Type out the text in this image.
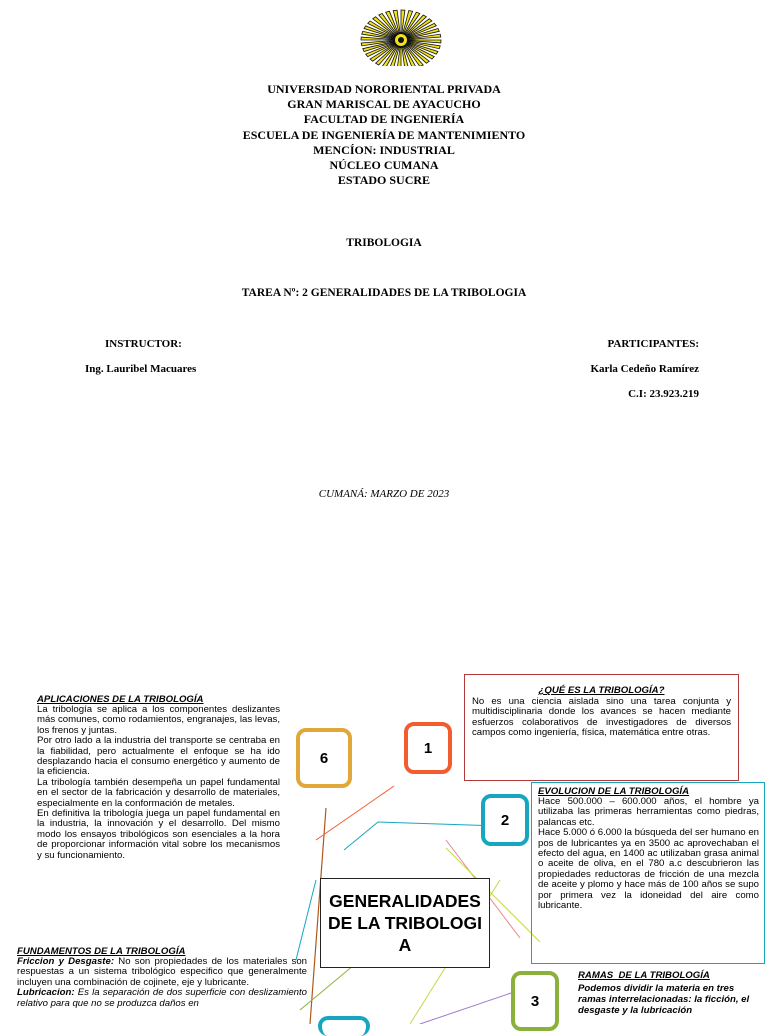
UNIVERSIDAD NORORIENTAL PRIVADA
GRAN MARISCAL DE AYACUCHO
FACULTAD DE INGENIERÍA
ESCUELA DE INGENIERÍA DE MANTENIMIENTO
MENCÍON: INDUSTRIAL
NÚCLEO CUMANA
ESTADO SUCRE
TRIBOLOGIA
TAREA Nº: 2 GENERALIDADES DE LA TRIBOLOGIA
INSTRUCTOR:
Ing. Lauribel Macuares
PARTICIPANTES:
Karla Cedeño Ramírez
C.I: 23.923.219
CUMANÁ: MARZO DE 2023
GENERALIDADES DE LA TRIBOLOGIA
1
2
3
6
¿QUÉ ES LA TRIBOLOGÍA?
No es una ciencia aislada sino una tarea conjunta y multidisciplinaria donde los avances se hacen mediante esfuerzos colaborativos de investigadores de diversos campos como ingeniería, física, matemática entre otras.
EVOLUCION DE LA TRIBOLOGÍA

Hace 500.000 – 600.000 años, el hombre ya utilizaba las primeras herramientas como piedras, palancas etc.

Hace 5.000 ó 6.000 la búsqueda del ser humano en pos de lubricantes ya en 3500 ac aprovechaban el efecto del agua, en 1400 ac utilizaban grasa animal o aceite de oliva, en el 780 a.c descubrieron las propiedades reductoras de fricción de una mezcla de aceite y plomo y hace más de 100 años se supo por primera vez la idoneidad del aire como lubricante.

RAMAS  DE LA TRIBOLOGÍA
Podemos dividir la materia en tres ramas interrelacionadas: la ficción, el desgaste y la lubricación
APLICACIONES DE LA TRIBOLOGÍA

La tribología se aplica a los componentes deslizantes más comunes, como rodamientos, engranajes, las levas, los frenos y juntas.

Por otro lado a la industria del transporte se centraba en la fiabilidad, pero actualmente el enfoque se ha ido desplazando hacia el consumo energético y aumento de la eficiencia.

La tribología también desempeña un papel fundamental en el sector de la fabricación y desarrollo de materiales, especialmente en la conformación de metales.

En definitiva la tribología juega un papel fundamental en la industria, la innovación y el desarrollo. Del mismo modo los ensayos tribológicos son esenciales a la hora de proporcionar información vital sobre los mecanismos y su funcionamiento.

FUNDAMENTOS DE LA TRIBOLOGÍA

Friccion y Desgaste: No son propiedades de los materiales son respuestas a un sistema tribológico especifico que generalmente incluyen una combinación de cojinete, eje y lubricante.

Lubricacion: Es la separación de dos superficie con deslizamiento relativo para que no se produzca daños en
